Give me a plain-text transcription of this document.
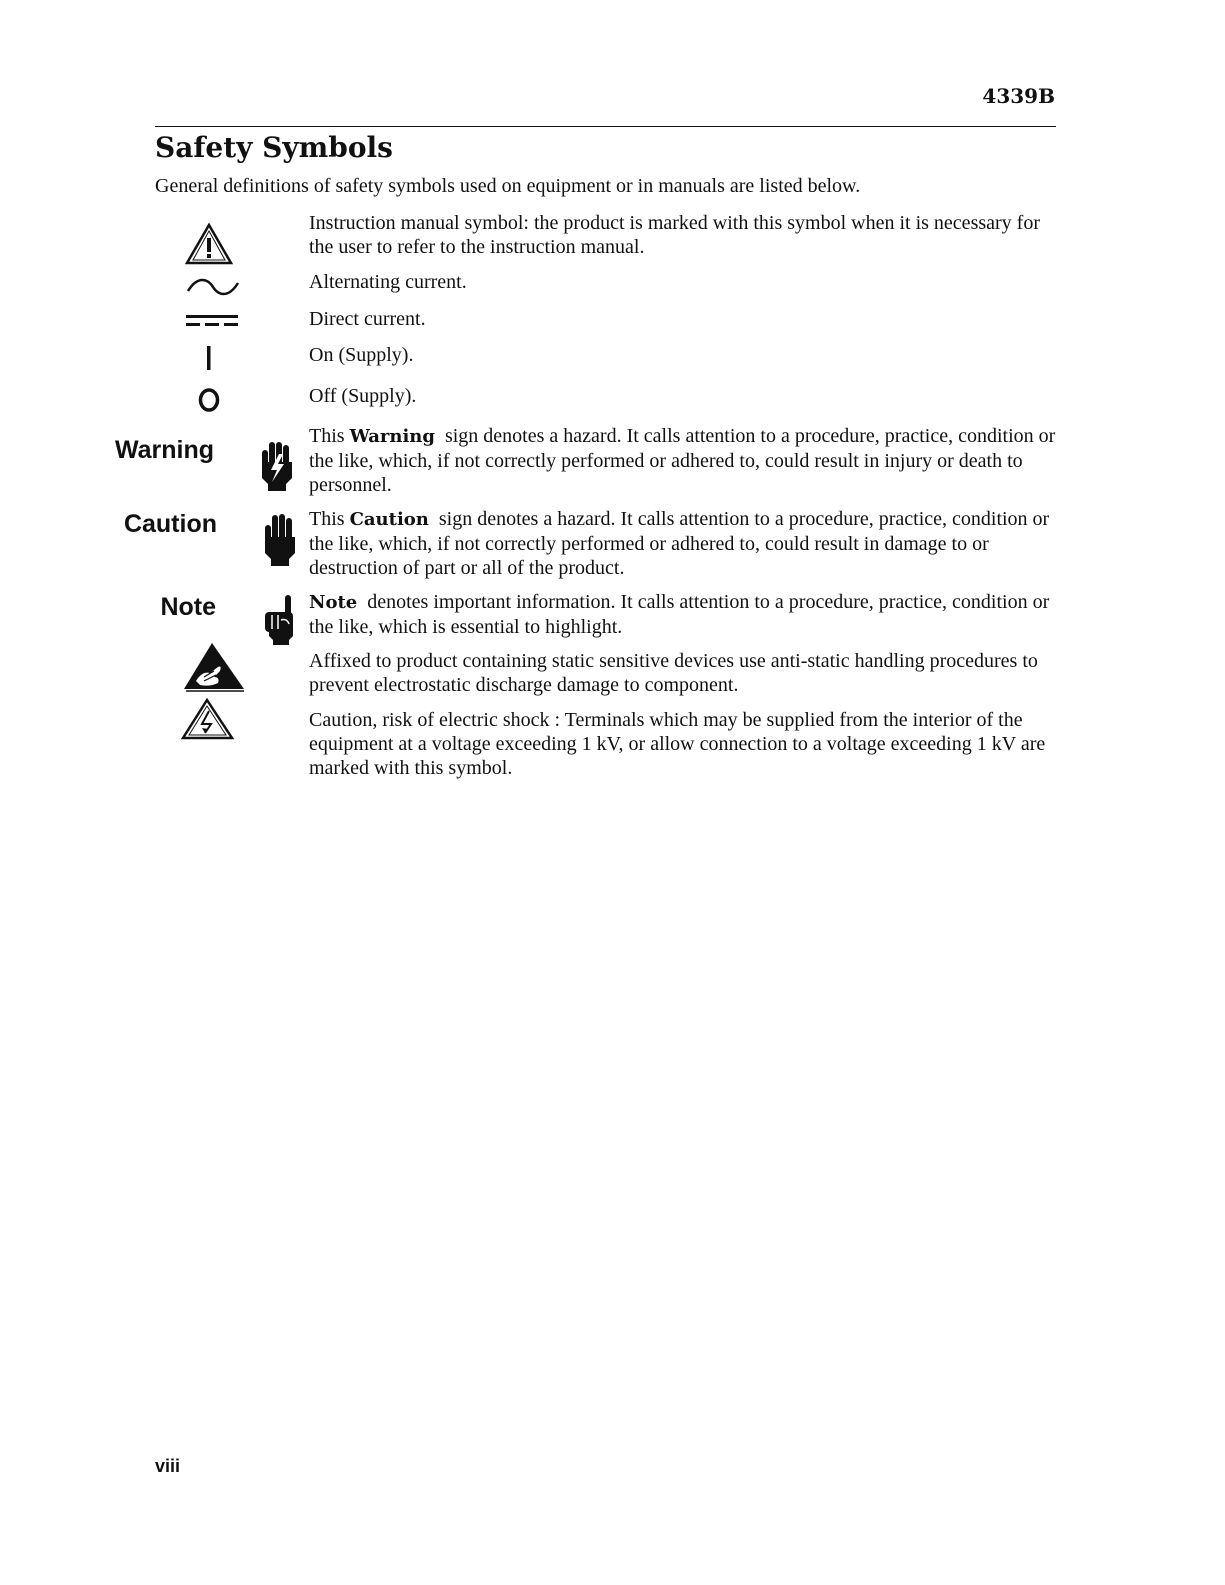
4339B
Safety Symbols
General definitions of safety symbols used on equipment or in manuals are listed below.
Instruction manual symbol: the product is marked with this symbol when it is necessary for the user to refer to the instruction manual.
Alternating current.
Direct current.
On (Supply).
Off (Supply).
Warning	This Warning sign denotes a hazard. It calls attention to a procedure, practice, condition or the like, which, if not correctly performed or adhered to, could result in injury or death to personnel.
Caution	This Caution sign denotes a hazard. It calls attention to a procedure, practice, condition or the like, which, if not correctly performed or adhered to, could result in damage to or destruction of part or all of the product.
Note	Note denotes important information. It calls attention to a procedure, practice, condition or the like, which is essential to highlight.
Affixed to product containing static sensitive devices use anti-static handling procedures to prevent electrostatic discharge damage to component.
Caution, risk of electric shock : Terminals which may be supplied from the interior of the equipment at a voltage exceeding 1 kV, or allow connection to a voltage exceeding 1 kV are marked with this symbol.
viii
